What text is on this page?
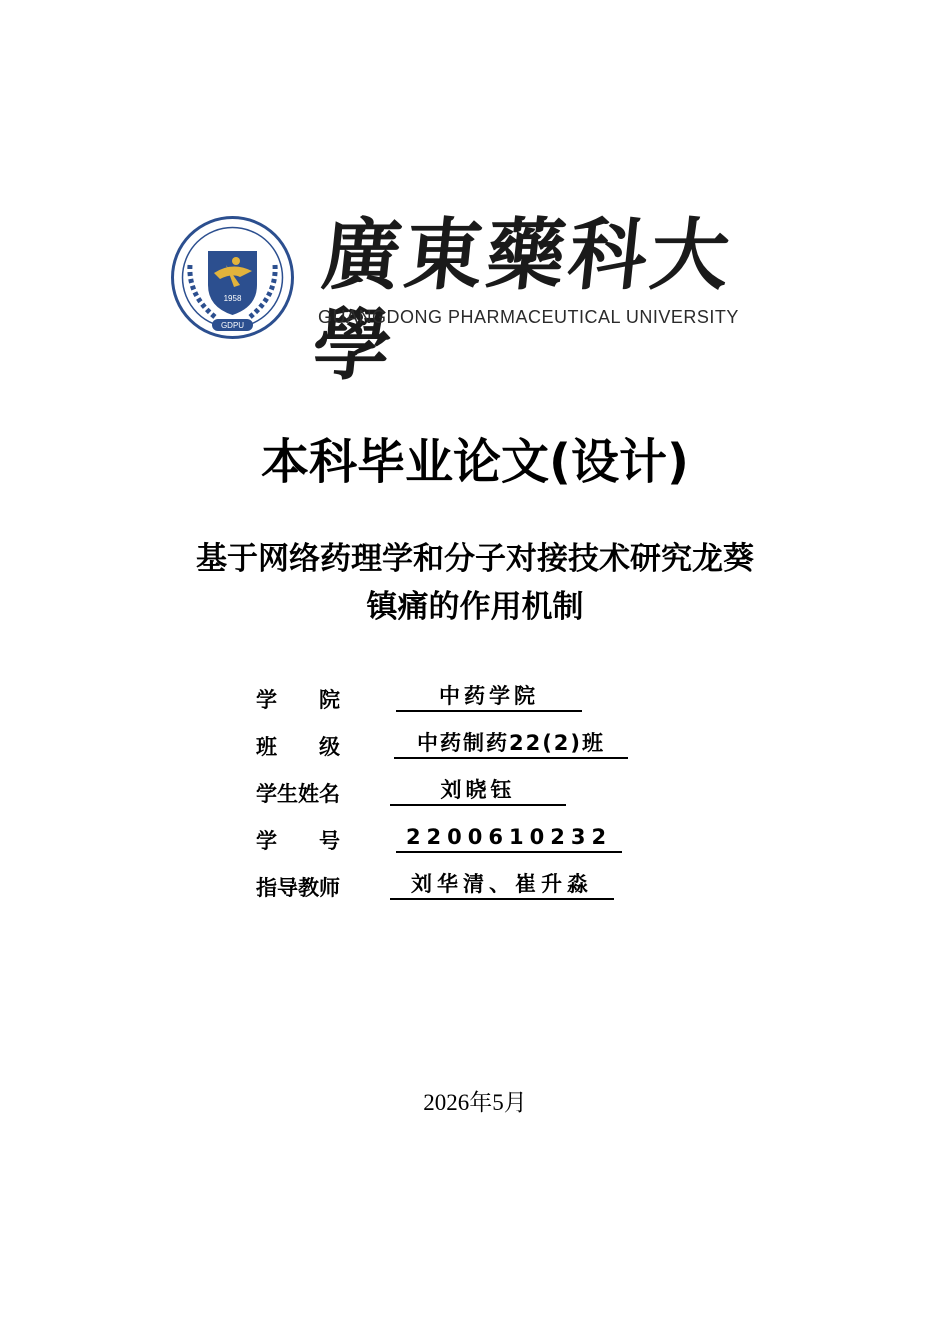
1958
GDPU
廣東藥科大學
GUANGDONG PHARMACEUTICAL UNIVERSITY
本科毕业论文(设计)
基于网络药理学和分子对接技术研究龙葵
镇痛的作用机制
学　　院	中药学院
班　　级	中药制药22(2)班
学生姓名	刘晓钰
学　　号	2200610232
指导教师	刘华清、崔升淼
2026年5月
